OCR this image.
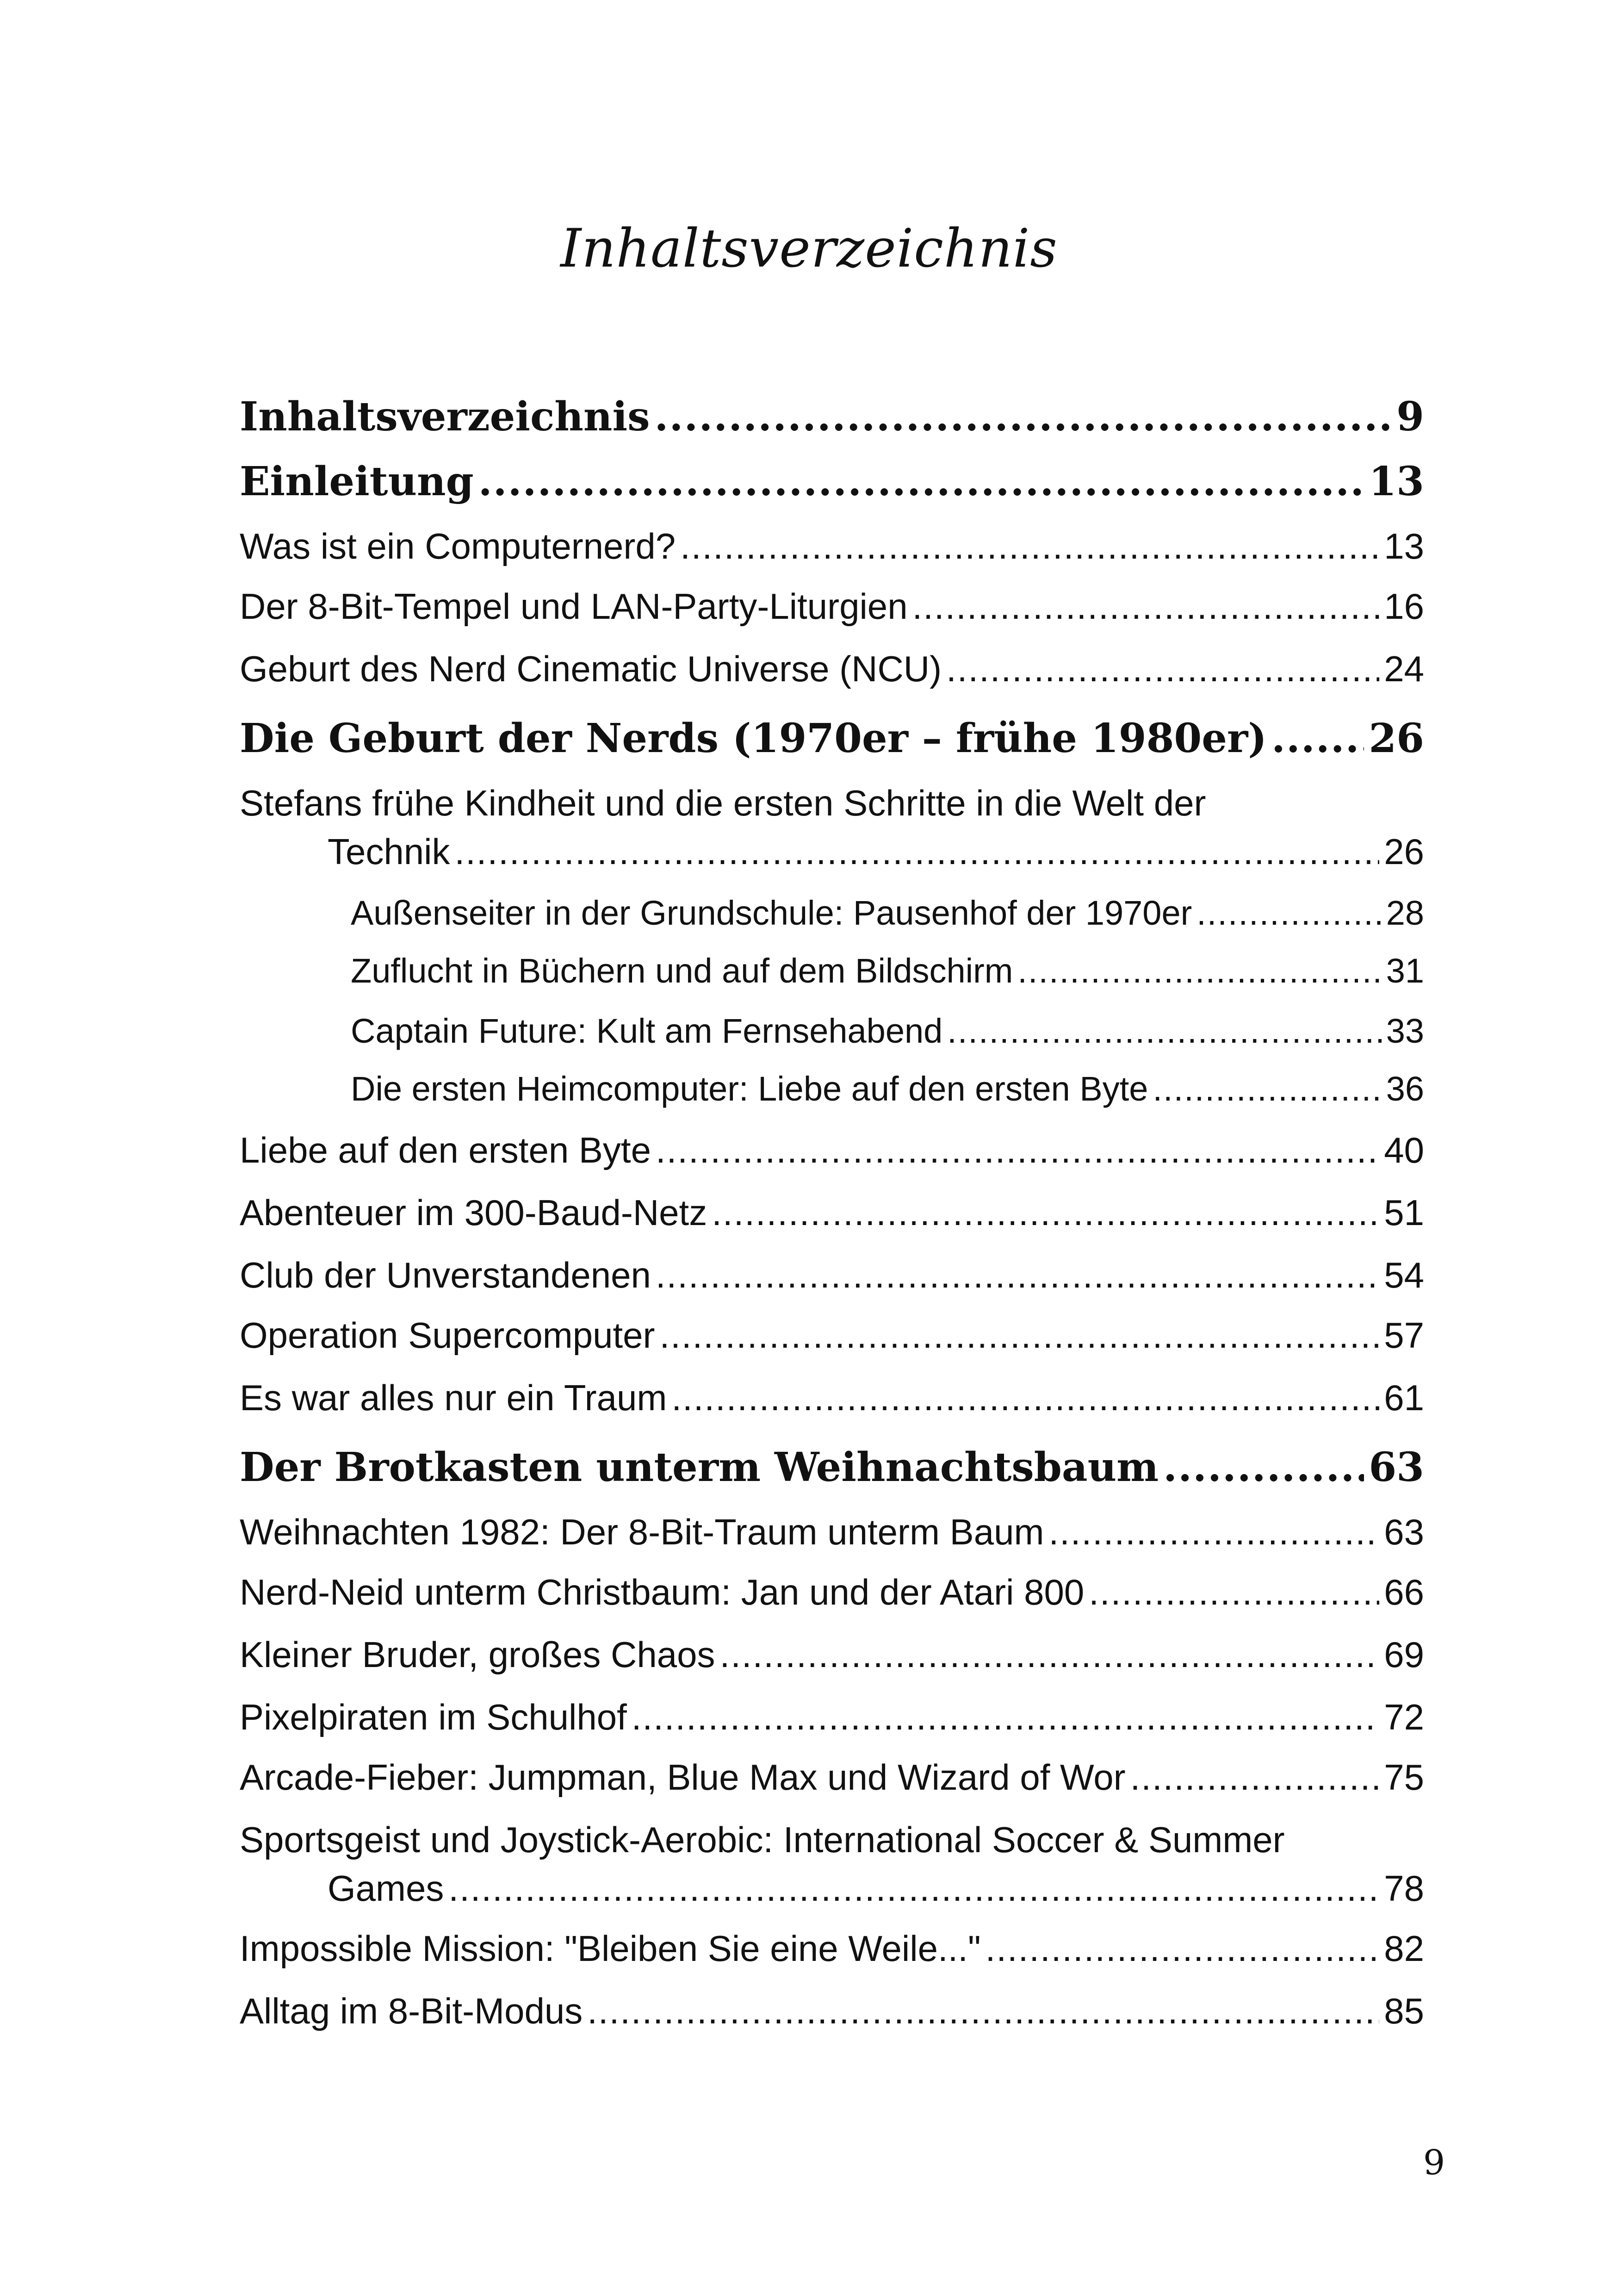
Inhaltsverzeichnis
Inhaltsverzeichnis .....	9
Einleitung .....	13
Was ist ein Computernerd? .....	13
Der 8-Bit-Tempel und LAN-Party-Liturgien .....	16
Geburt des Nerd Cinematic Universe (NCU) .....	24
Die Geburt der Nerds (1970er – frühe 1980er) .....	26
Stefans frühe Kindheit und die ersten Schritte in die Welt der
Technik .....	26
Außenseiter in der Grundschule: Pausenhof der 1970er .....	28
Zuflucht in Büchern und auf dem Bildschirm .....	31
Captain Future: Kult am Fernsehabend .....	33
Die ersten Heimcomputer: Liebe auf den ersten Byte .....	36
Liebe auf den ersten Byte .....	40
Abenteuer im 300-Baud-Netz .....	51
Club der Unverstandenen .....	54
Operation Supercomputer .....	57
Es war alles nur ein Traum .....	61
Der Brotkasten unterm Weihnachtsbaum .....	63
Weihnachten 1982: Der 8-Bit-Traum unterm Baum .....	63
Nerd-Neid unterm Christbaum: Jan und der Atari 800 .....	66
Kleiner Bruder, großes Chaos .....	69
Pixelpiraten im Schulhof .....	72
Arcade-Fieber: Jumpman, Blue Max und Wizard of Wor .....	75
Sportsgeist und Joystick-Aerobic: International Soccer & Summer
Games .....	78
Impossible Mission: "Bleiben Sie eine Weile..." .....	82
Alltag im 8-Bit-Modus .....	85
9
